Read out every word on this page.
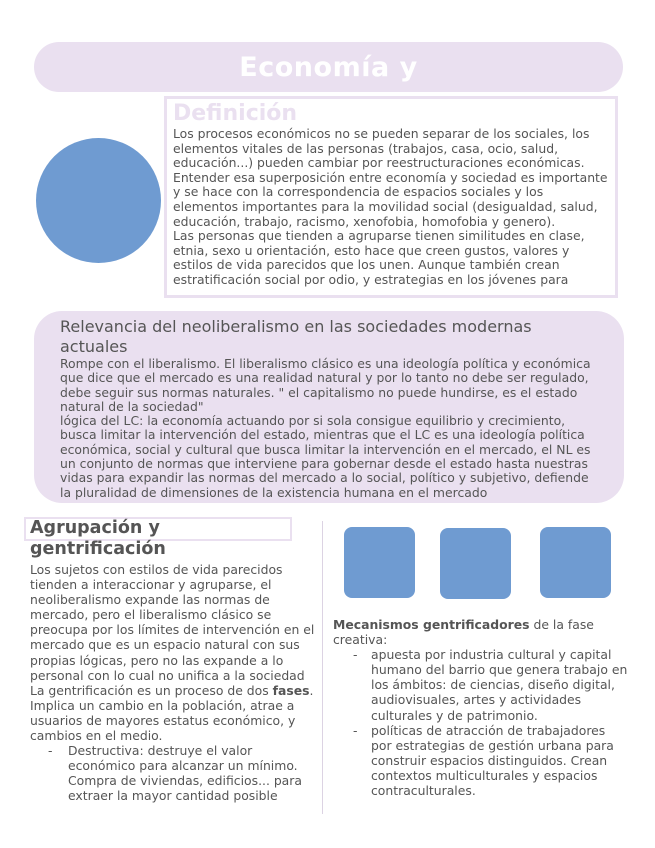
Economía y
Definición

Los procesos económicos no se pueden separar de los sociales, los elementos vitales de las personas (trabajos, casa, ocio, salud, educación...) pueden cambiar por reestructuraciones económicas. Entender esa superposición entre economía y sociedad es importante y se hace con la correspondencia de espacios sociales y los elementos importantes para la movilidad social (desigualdad, salud, educación, trabajo, racismo, xenofobia, homofobia y genero).

Las personas que tienden a agruparse tienen similitudes en clase, etnia, sexo u orientación, esto hace que creen gustos, valores y estilos de vida parecidos que los unen. Aunque también crean estratificación social por odio, y estrategias en los jóvenes para

Relevancia del neoliberalismo en las sociedades modernas actuales

Rompe con el liberalismo. El liberalismo clásico es una ideología política y económica que dice que el mercado es una realidad natural y por lo tanto no debe ser regulado, debe seguir sus normas naturales. " el capitalismo no puede hundirse, es el estado natural de la sociedad"

lógica del LC: la economía actuando por si sola consigue equilibrio y crecimiento, busca limitar la intervención del estado, mientras que el LC es una ideología política económica, social y cultural que busca limitar la intervención en el mercado, el NL es un conjunto de normas que interviene para gobernar desde el estado hasta nuestras vidas para expandir las normas del mercado a lo social, político y subjetivo, defiende la pluralidad de dimensiones de la existencia humana en el mercado

Agrupación y gentrificación

Los sujetos con estilos de vida parecidos tienden a interaccionar y agruparse, el neoliberalismo expande las normas de mercado, pero el liberalismo clásico se preocupa por los límites de intervención en el mercado que es un espacio natural con sus propias lógicas, pero no las expande a lo personal con lo cual no unifica a la sociedad

La gentrificación es un proceso de dos fases. Implica un cambio en la población, atrae a usuarios de mayores estatus económico, y cambios en el medio.

- Destructiva: destruye el valor económico para alcanzar un mínimo. Compra de viviendas, edificios... para extraer la mayor cantidad posible

Mecanismos gentrificadores de la fase creativa:

- apuesta por industria cultural y capital humano del barrio que genera trabajo en los ámbitos: de ciencias, diseño digital, audiovisuales, artes y actividades culturales y de patrimonio.
- políticas de atracción de trabajadores por estrategias de gestión urbana para construir espacios distinguidos. Crean contextos multiculturales y espacios contraculturales.
